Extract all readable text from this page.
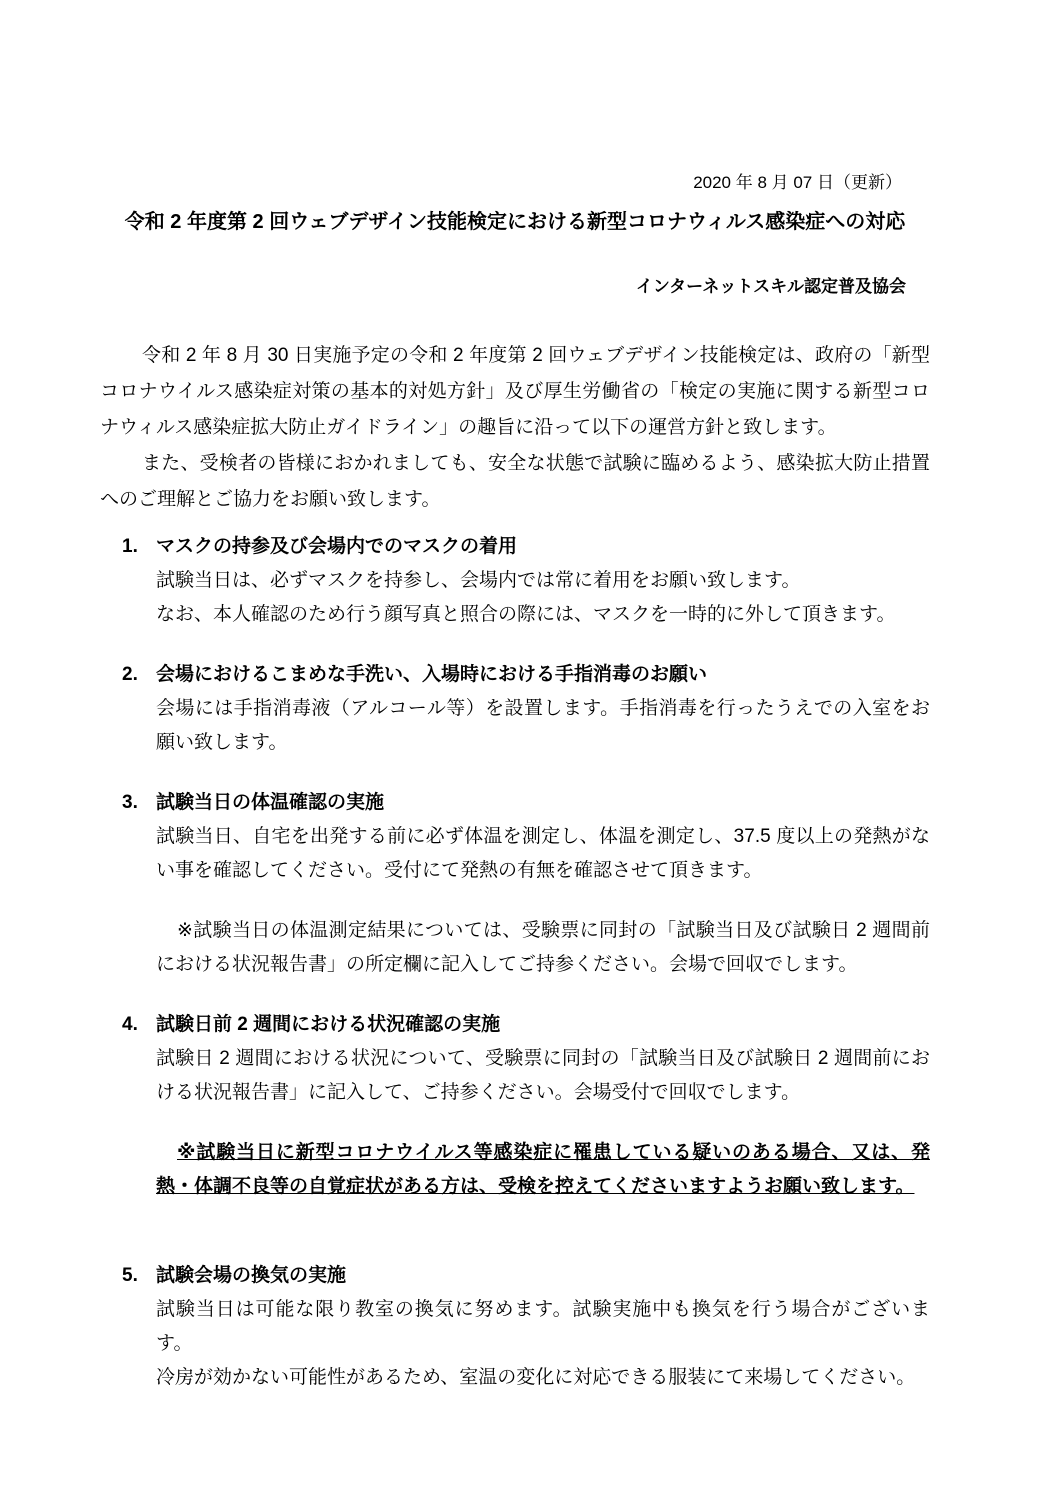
2020 年 8 月 07 日（更新）
令和 2 年度第 2 回ウェブデザイン技能検定における新型コロナウィルス感染症への対応
インターネットスキル認定普及協会

令和 2 年 8 月 30 日実施予定の令和 2 年度第 2 回ウェブデザイン技能検定は、政府の「新型コロナウイルス感染症対策の基本的対処方針」及び厚生労働省の「検定の実施に関する新型コロナウィルス感染症拡大防止ガイドライン」の趣旨に沿って以下の運営方針と致します。

また、受検者の皆様におかれましても、安全な状態で試験に臨めるよう、感染拡大防止措置へのご理解とご協力をお願い致します。

1. マスクの持参及び会場内でのマスクの着用
試験当日は、必ずマスクを持参し、会場内では常に着用をお願い致します。
なお、本人確認のため行う顔写真と照合の際には、マスクを一時的に外して頂きます。
2. 会場におけるこまめな手洗い、入場時における手指消毒のお願い
会場には手指消毒液（アルコール等）を設置します。手指消毒を行ったうえでの入室をお願い致します。
3. 試験当日の体温確認の実施
試験当日、自宅を出発する前に必ず体温を測定し、体温を測定し、37.5 度以上の発熱がない事を確認してください。受付にて発熱の有無を確認させて頂きます。
※試験当日の体温測定結果については、受験票に同封の「試験当日及び試験日 2 週間前における状況報告書」の所定欄に記入してご持参ください。会場で回収でします。
4. 試験日前 2 週間における状況確認の実施
試験日 2 週間における状況について、受験票に同封の「試験当日及び試験日 2 週間前における状況報告書」に記入して、ご持参ください。会場受付で回収でします。
※試験当日に新型コロナウイルス等感染症に罹患している疑いのある場合、又は、発熱・体調不良等の自覚症状がある方は、受検を控えてくださいますようお願い致します。
5. 試験会場の換気の実施
試験当日は可能な限り教室の換気に努めます。試験実施中も換気を行う場合がございます。
冷房が効かない可能性があるため、室温の変化に対応できる服装にて来場してください。
